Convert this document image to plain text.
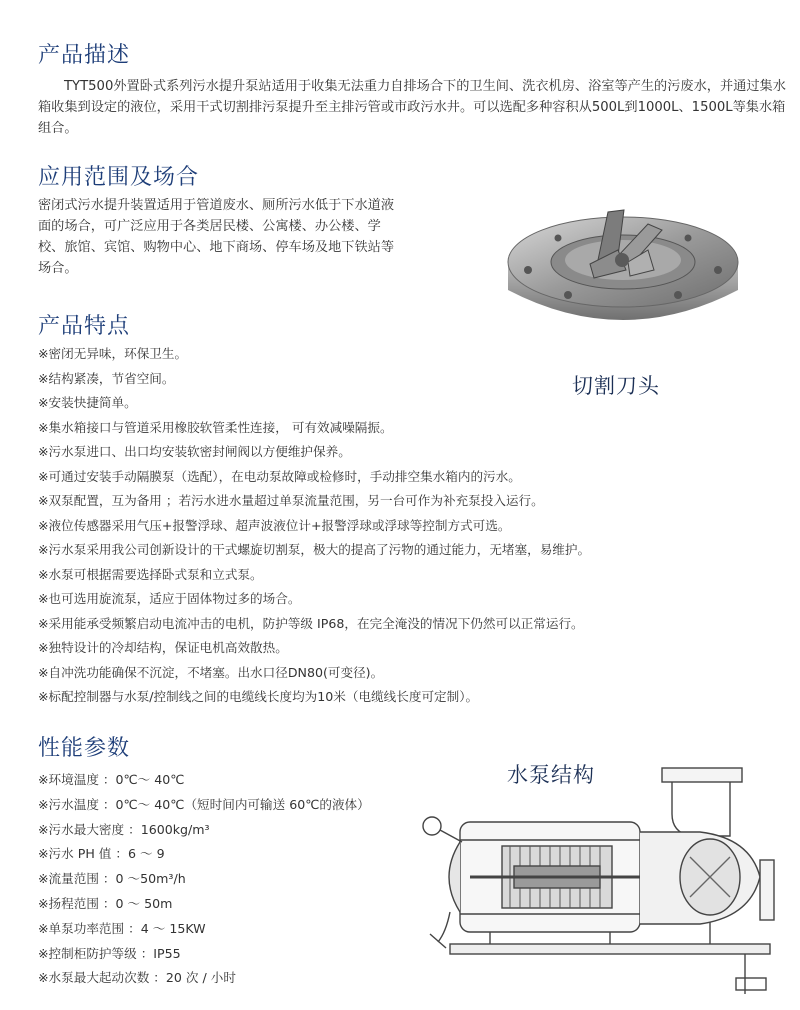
产品描述

TYT500外置卧式系列污水提升泵站适用于收集无法重力自排场合下的卫生间、洗衣机房、浴室等产生的污废水，并通过集水箱收集到设定的液位，采用干式切割排污泵提升至主排污管或市政污水井。可以选配多种容积从500L到1000L、1500L等集水箱组合。

应用范围及场合

密闭式污水提升装置适用于管道废水、厕所污水低于下水道液面的场合，可广泛应用于各类居民楼、公寓楼、办公楼、学校、旅馆、宾馆、购物中心、地下商场、停车场及地下铁站等场合。

切割刀头

产品特点
※密闭无异味，环保卫生。
※结构紧凑，节省空间。
※安装快捷简单。
※集水箱接口与管道采用橡胶软管柔性连接， 可有效减噪隔振。
※污水泵进口、出口均安装软密封闸阀以方便维护保养。
※可通过安装手动隔膜泵（选配），在电动泵故障或检修时，手动排空集水箱内的污水。
※双泵配置，互为备用 ；若污水进水量超过单泵流量范围，另一台可作为补充泵投入运行。
※液位传感器采用气压+报警浮球、超声波液位计+报警浮球或浮球等控制方式可选。
※污水泵采用我公司创新设计的干式螺旋切割泵，极大的提高了污物的通过能力，无堵塞，易维护。
※水泵可根据需要选择卧式泵和立式泵。
※也可选用旋流泵，适应于固体物过多的场合。
※采用能承受频繁启动电流冲击的电机，防护等级 IP68，在完全淹没的情况下仍然可以正常运行。
※独特设计的冷却结构，保证电机高效散热。
※自冲洗功能确保不沉淀，不堵塞。出水口径DN80(可变径)。
※标配控制器与水泵/控制线之间的电缆线长度均为10米（电缆线长度可定制）。
性能参数
※环境温度 ：0℃～ 40℃
※污水温度 ：0℃～ 40℃（短时间内可输送 60℃的液体）
※污水最大密度 ：1600kg/m³
※污水 PH 值 ：6 ～ 9
※流量范围 ：0 ～50m³/h
※扬程范围 ：0 ～ 50m
※单泵功率范围 ：4 ～ 15KW
※控制柜防护等级 ：IP55
※水泵最大起动次数 ：20 次 / 小时

水泵结构
